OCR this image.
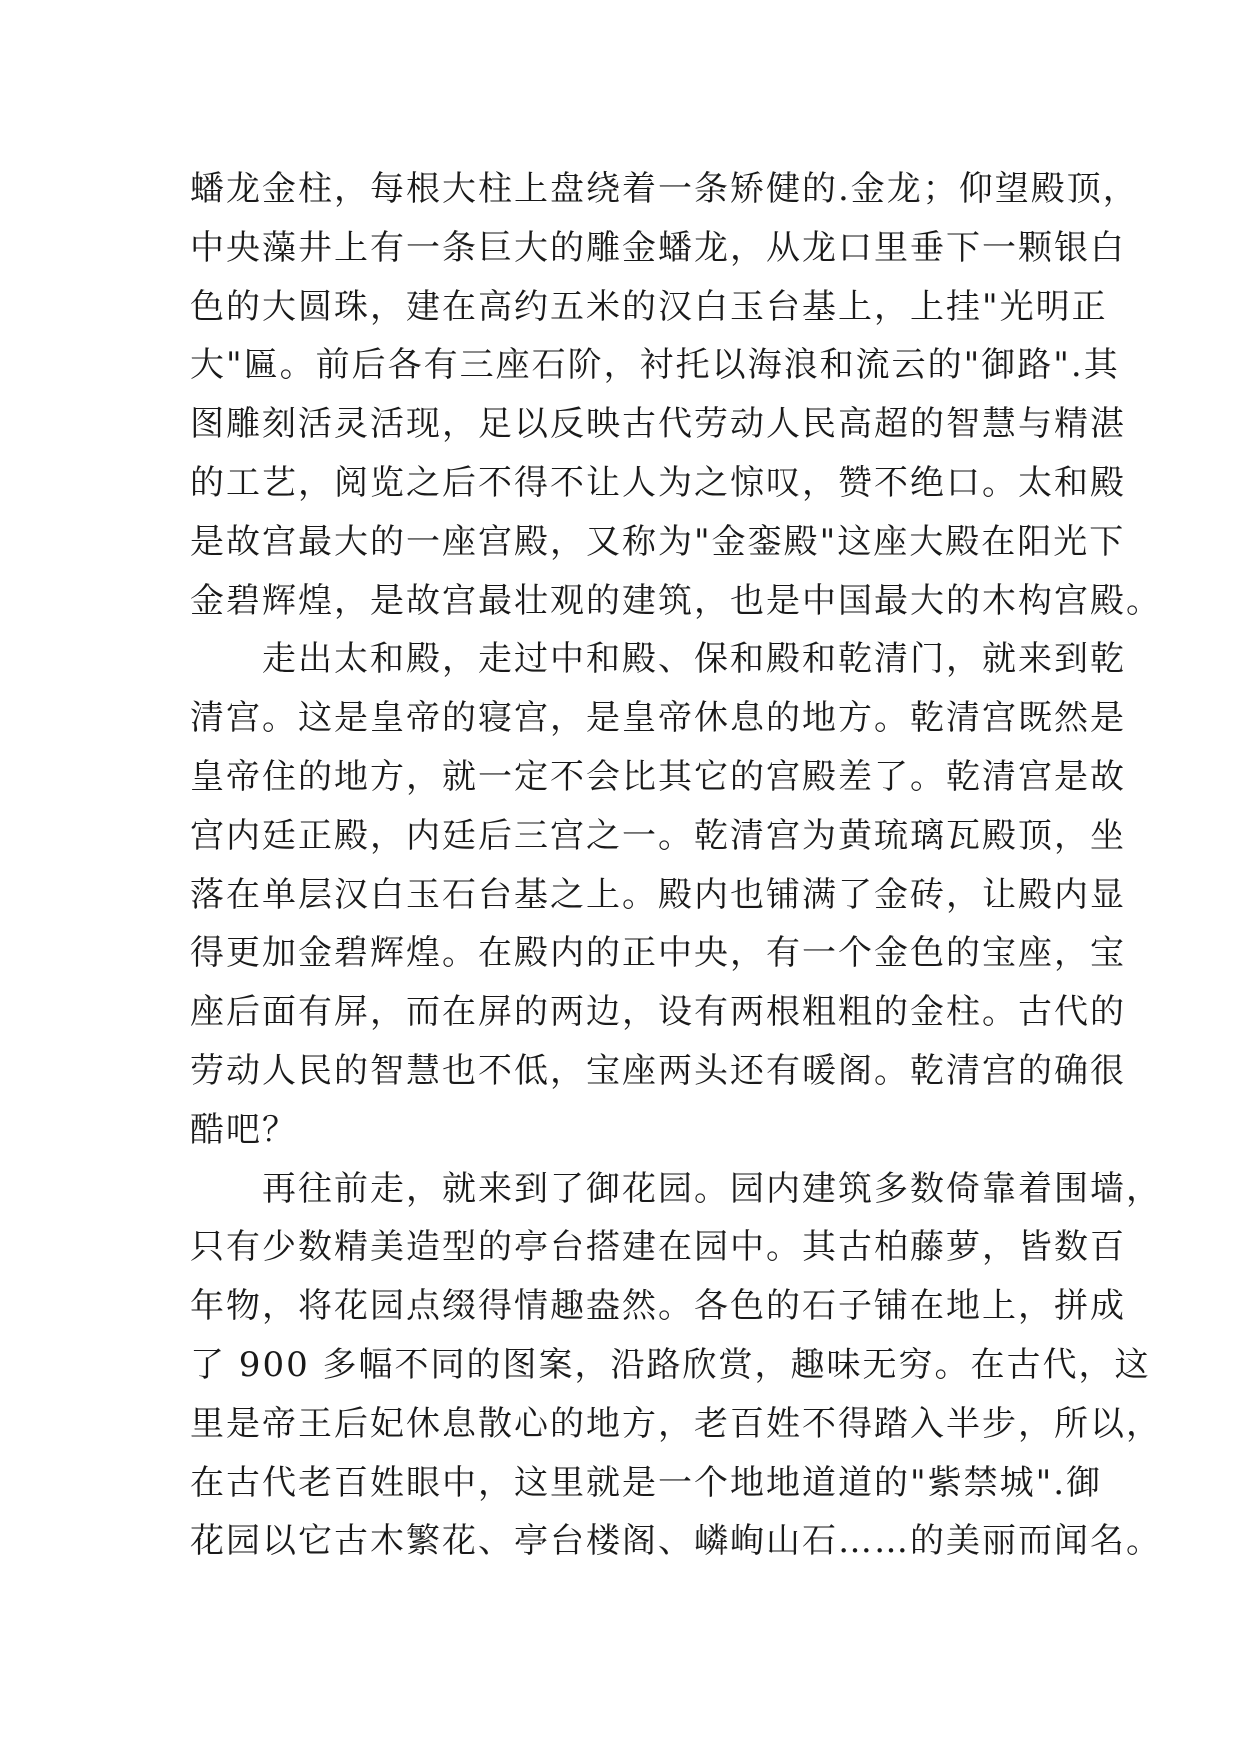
蟠龙金柱，每根大柱上盘绕着一条矫健的.金龙；仰望殿顶，
中央藻井上有一条巨大的雕金蟠龙，从龙口里垂下一颗银白
色的大圆珠，建在高约五米的汉白玉台基上，上挂"光明正
大"匾。前后各有三座石阶，衬托以海浪和流云的"御路".其
图雕刻活灵活现，足以反映古代劳动人民高超的智慧与精湛
的工艺，阅览之后不得不让人为之惊叹，赞不绝口。太和殿
是故宫最大的一座宫殿，又称为"金銮殿"这座大殿在阳光下
金碧辉煌，是故宫最壮观的建筑，也是中国最大的木构宫殿。
走出太和殿，走过中和殿、保和殿和乾清门，就来到乾
清宫。这是皇帝的寝宫，是皇帝休息的地方。乾清宫既然是
皇帝住的地方，就一定不会比其它的宫殿差了。乾清宫是故
宫内廷正殿，内廷后三宫之一。乾清宫为黄琉璃瓦殿顶，坐
落在单层汉白玉石台基之上。殿内也铺满了金砖，让殿内显
得更加金碧辉煌。在殿内的正中央，有一个金色的宝座，宝
座后面有屏，而在屏的两边，设有两根粗粗的金柱。古代的
劳动人民的智慧也不低，宝座两头还有暖阁。乾清宫的确很
酷吧？
再往前走，就来到了御花园。园内建筑多数倚靠着围墙，
只有少数精美造型的亭台搭建在园中。其古柏藤萝，皆数百
年物，将花园点缀得情趣盎然。各色的石子铺在地上，拼成
了 900 多幅不同的图案，沿路欣赏，趣味无穷。在古代，这
里是帝王后妃休息散心的地方，老百姓不得踏入半步，所以，
在古代老百姓眼中，这里就是一个地地道道的"紫禁城".御
花园以它古木繁花、亭台楼阁、嶙峋山石……的美丽而闻名。
